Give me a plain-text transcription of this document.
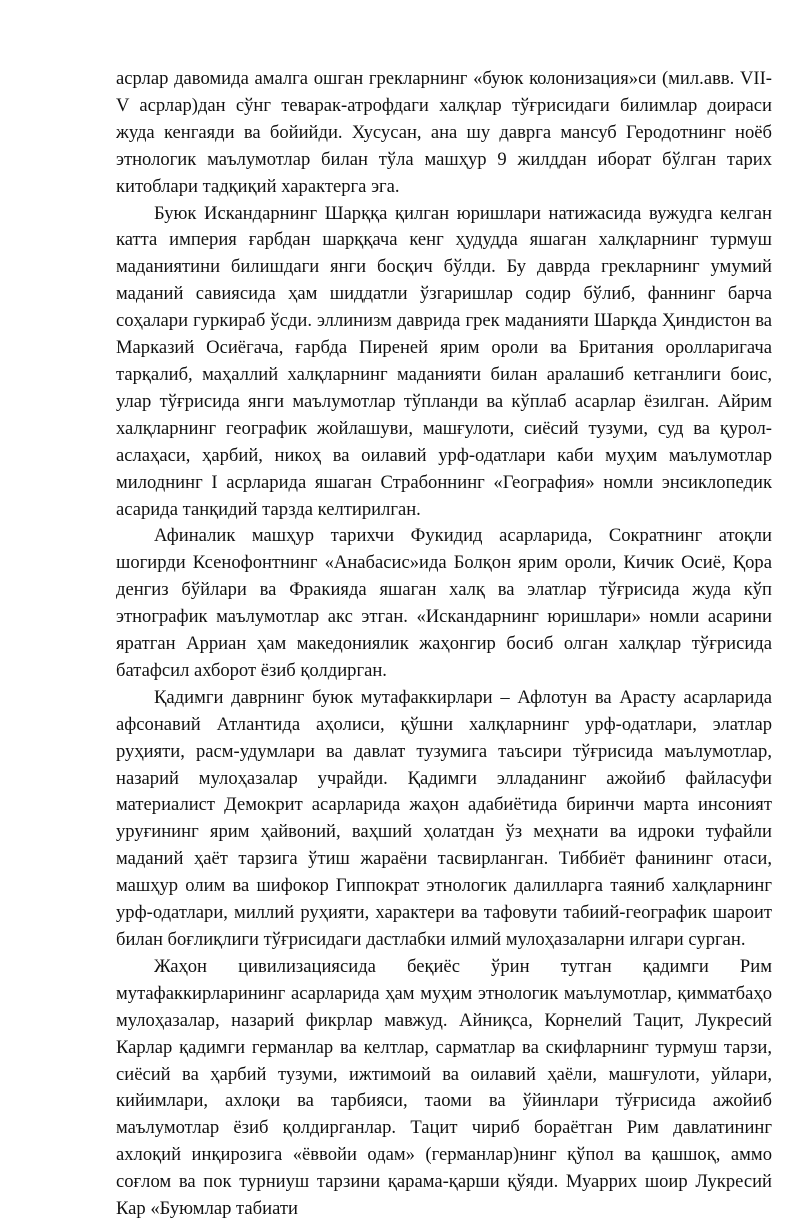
асрлар давомида амалга ошган грекларнинг «буюк колонизация»си (мил.авв. VII-V асрлар)дан сўнг теварак-атрофдаги халқлар тўғрисидаги билимлар доираси жуда кенгаяди ва бойийди. Хусусан, ана шу даврга мансуб Геродотнинг ноёб этнологик маълумотлар билан тўла машҳур 9 жилддан иборат бўлган тарих китоблари тадқиқий характерга эга.

Буюк Искандарнинг Шарққа қилган юришлари натижасида вужудга келган катта империя ғарбдан шарққача кенг ҳудудда яшаган халқларнинг турмуш маданиятини билишдаги янги босқич бўлди. Бу даврда грекларнинг умумий маданий савиясида ҳам шиддатли ўзгаришлар содир бўлиб, фаннинг барча соҳалари гуркираб ўсди. эллинизм даврида грек маданияти Шарқда Ҳиндистон ва Марказий Осиёгача, ғарбда Пиреней ярим ороли ва Британия оролларигача тарқалиб, маҳаллий халқларнинг маданияти билан аралашиб кетганлиги боис, улар тўғрисида янги маълумотлар тўпланди ва кўплаб асарлар ёзилган. Айрим халқларнинг географик жойлашуви, машғулоти, сиёсий тузуми, суд ва қурол-аслаҳаси, ҳарбий, никоҳ ва оилавий урф-одатлари каби муҳим маълумотлар милоднинг I асрларида яшаган Страбоннинг «География» номли энсиклопедик асарида танқидий тарзда келтирилган.

Афиналик машҳур тарихчи Фукидид асарларида, Сократнинг атоқли шогирди Ксенофонтнинг «Анабасис»ида Болқон ярим ороли, Кичик Осиё, Қора денгиз бўйлари ва Фракияда яшаган халқ ва элатлар тўғрисида жуда кўп этнографик маълумотлар акс этган. «Искандарнинг юришлари» номли асарини яратган Арриан ҳам македониялик жаҳонгир босиб олган халқлар тўғрисида батафсил ахборот ёзиб қолдирган.

Қадимги даврнинг буюк мутафаккирлари – Афлотун ва Арасту асарларида афсонавий Атлантида аҳолиси, қўшни халқларнинг урф-одатлари, элатлар руҳияти, расм-удумлари ва давлат тузумига таъсири тўғрисида маълумотлар, назарий мулоҳазалар учрайди. Қадимги элладанинг ажойиб файласуфи материалист Демокрит асарларида жаҳон адабиётида биринчи марта инсоният уруғининг ярим ҳайвоний, ваҳший ҳолатдан ўз меҳнати ва идроки туфайли маданий ҳаёт тарзига ўтиш жараёни тасвирланган. Тиббиёт фанининг отаси, машҳур олим ва шифокор Гиппократ этнологик далилларга таяниб халқларнинг урф-одатлари, миллий руҳияти, характери ва тафовути табиий-географик шароит билан боғлиқлиги тўғрисидаги дастлабки илмий мулоҳазаларни илгари сурган.

Жаҳон цивилизациясида беқиёс ўрин тутган қадимги Рим мутафаккирларининг асарларида ҳам муҳим этнологик маълумотлар, қимматбаҳо мулоҳазалар, назарий фикрлар мавжуд. Айниқса, Корнелий Тацит, Лукресий Карлар қадимги германлар ва келтлар, сарматлар ва скифларнинг турмуш тарзи, сиёсий ва ҳарбий тузуми, ижтимоий ва оилавий ҳаёли, машғулоти, уйлари, кийимлари, ахлоқи ва тарбияси, таоми ва ўйинлари тўғрисида ажойиб маълумотлар ёзиб қолдирганлар. Тацит чириб бораётган Рим давлатининг ахлоқий инқирозига «ёввойи одам» (германлар)нинг қўпол ва қашшоқ, аммо соғлом ва пок турниуш тарзини қарама-қарши қўяди. Муаррих шоир Лукресий Кар «Буюмлар табиати
